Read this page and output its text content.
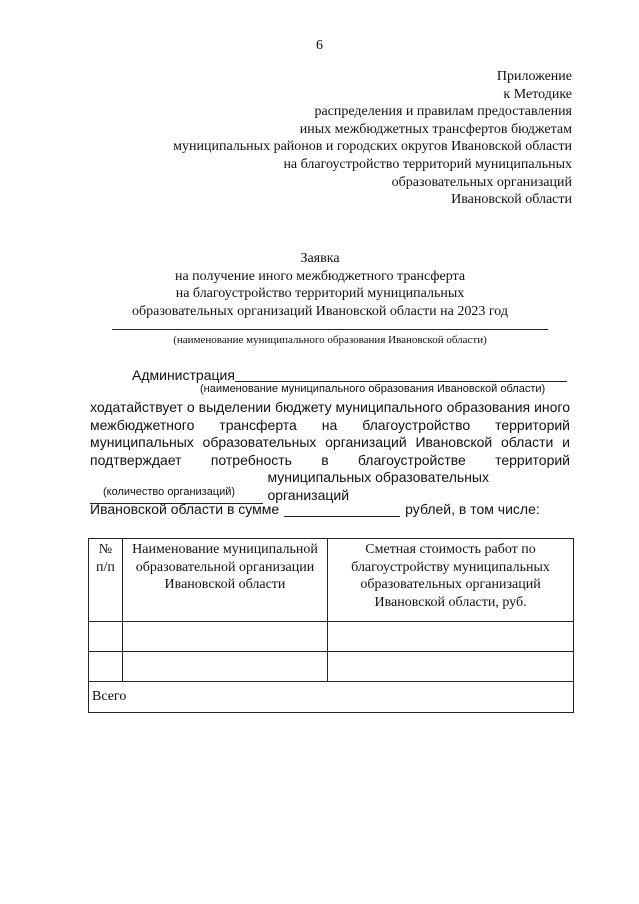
6
Приложение
к Методике
распределения и правилам предоставления
иных межбюджетных трансфертов бюджетам
муниципальных районов и городских округов Ивановской области
на благоустройство территорий муниципальных
образовательных организаций
Ивановской области
Заявка
на получение иного межбюджетного трансферта
на благоустройство территорий муниципальных
образовательных организаций Ивановской области на 2023 год
(наименование муниципального образования Ивановской области)
Администрация
(наименование муниципального образования Ивановской области)
ходатайствует о выделении бюджету муниципального образования иного
межбюджетного трансферта на благоустройство территорий
муниципальных образовательных организаций Ивановской области и
подтверждает потребность в благоустройстве территорий
муниципальных образовательных организаций
(количество организаций)
Ивановской области в сумме	рублей, в том числе:
№ п/п	Наименование муниципальной образовательной организации Ивановской области	Сметная стоимость работ по благоустройству муниципальных образовательных организаций Ивановской области, руб.

Всего		
